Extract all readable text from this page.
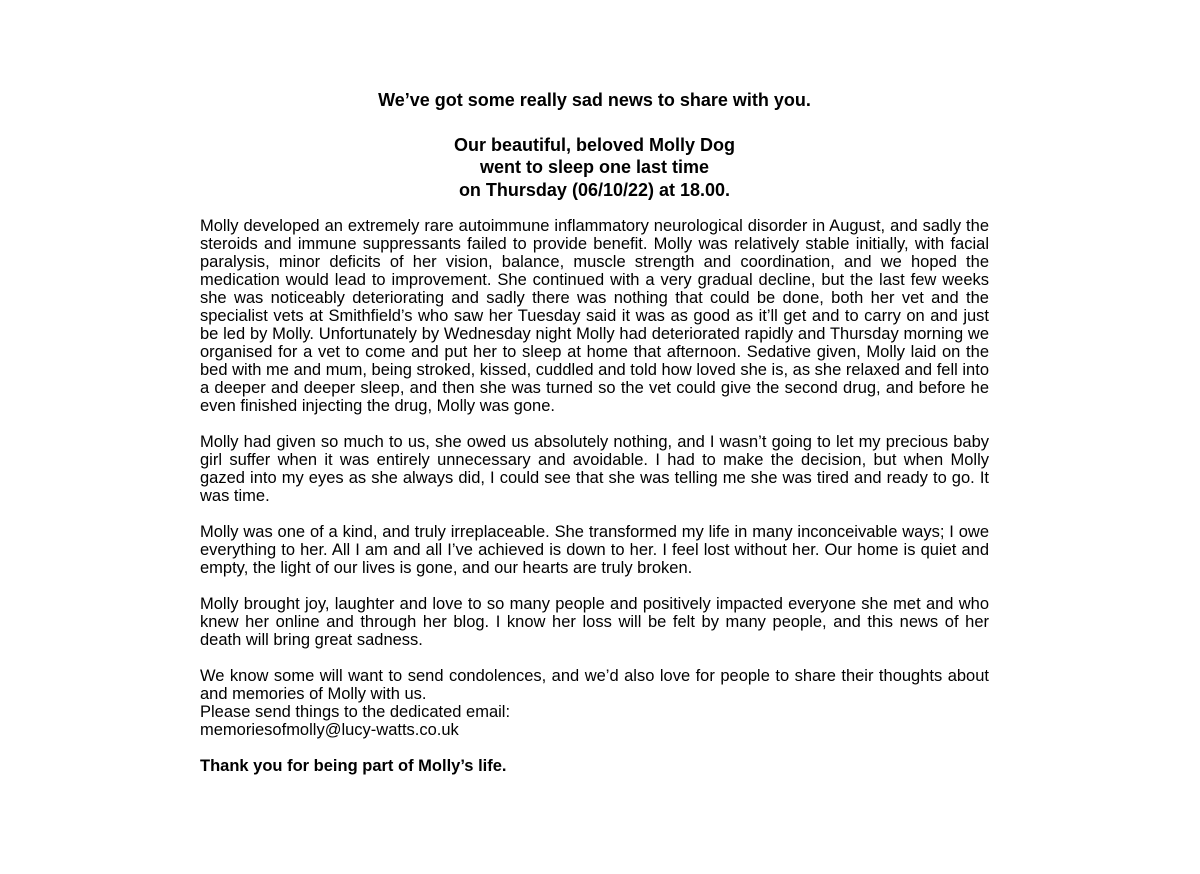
We’ve got some really sad news to share with you.

Our beautiful, beloved Molly Dog
went to sleep one last time
on Thursday (06/10/22) at 18.00.

Molly developed an extremely rare autoimmune inflammatory neurological disorder in August, and sadly the steroids and immune suppressants failed to provide benefit. Molly was relatively stable initially, with facial paralysis, minor deficits of her vision, balance, muscle strength and coordination, and we hoped the medication would lead to improvement. She continued with a very gradual decline, but the last few weeks she was noticeably deteriorating and sadly there was nothing that could be done, both her vet and the specialist vets at Smithfield’s who saw her Tuesday said it was as good as it’ll get and to carry on and just be led by Molly. Unfortunately by Wednesday night Molly had deteriorated rapidly and Thursday morning we organised for a vet to come and put her to sleep at home that afternoon. Sedative given, Molly laid on the bed with me and mum, being stroked, kissed, cuddled and told how loved she is, as she relaxed and fell into a deeper and deeper sleep, and then she was turned so the vet could give the second drug, and before he even finished injecting the drug, Molly was gone.

Molly had given so much to us, she owed us absolutely nothing, and I wasn’t going to let my precious baby girl suffer when it was entirely unnecessary and avoidable. I had to make the decision, but when Molly gazed into my eyes as she always did, I could see that she was telling me she was tired and ready to go. It was time.

Molly was one of a kind, and truly irreplaceable. She transformed my life in many inconceivable ways; I owe everything to her. All I am and all I’ve achieved is down to her. I feel lost without her. Our home is quiet and empty, the light of our lives is gone, and our hearts are truly broken.

Molly brought joy, laughter and love to so many people and positively impacted everyone she met and who knew her online and through her blog. I know her loss will be felt by many people, and this news of her death will bring great sadness.

We know some will want to send condolences, and we’d also love for people to share their thoughts about and memories of Molly with us.

Please send things to the dedicated email:

memoriesofmolly@lucy-watts.co.uk

Thank you for being part of Molly’s life.
